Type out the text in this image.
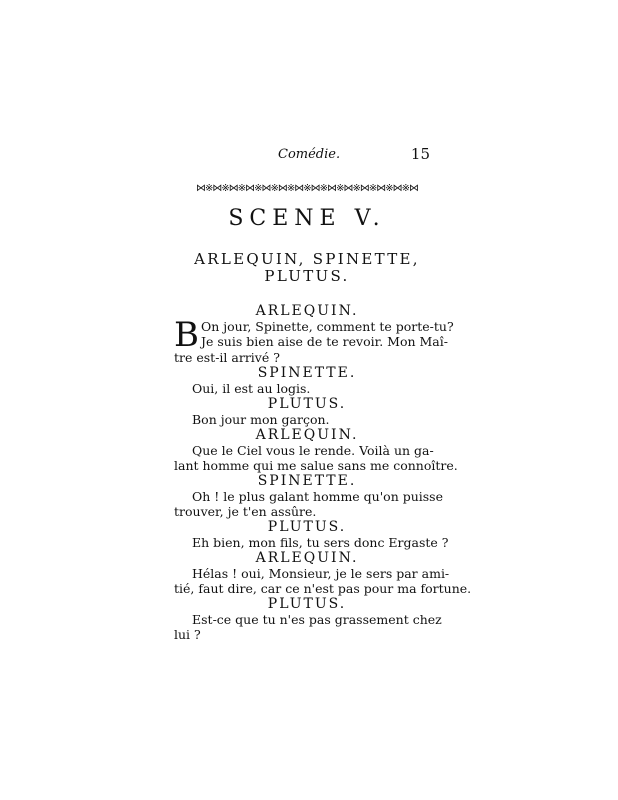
Comédie.	15
⋈※⋈※⋈※⋈※⋈※⋈※⋈※⋈※⋈※⋈※⋈※⋈※⋈※⋈
SCENE V.
ARLEQUIN, SPINETTE,
PLUTUS.
ARLEQUIN.
B On jour, Spinette, comment te porte-tu?
Je suis bien aise de te revoir. Mon Maî-
tre est-il arrivé ?
SPINETTE.
Oui, il est au logis.
PLUTUS.
Bon jour mon garçon.
ARLEQUIN.
Que le Ciel vous le rende. Voilà un ga-
lant homme qui me salue sans me connoître.
SPINETTE.
Oh ! le plus galant homme qu'on puisse
trouver, je t'en assûre.
PLUTUS.
Eh bien, mon fils, tu sers donc Ergaste ?
ARLEQUIN.
Hélas ! oui, Monsieur, je le sers par ami-
tié, faut dire, car ce n'est pas pour ma fortune.
PLUTUS.
Est-ce que tu n'es pas grassement chez
lui ?
